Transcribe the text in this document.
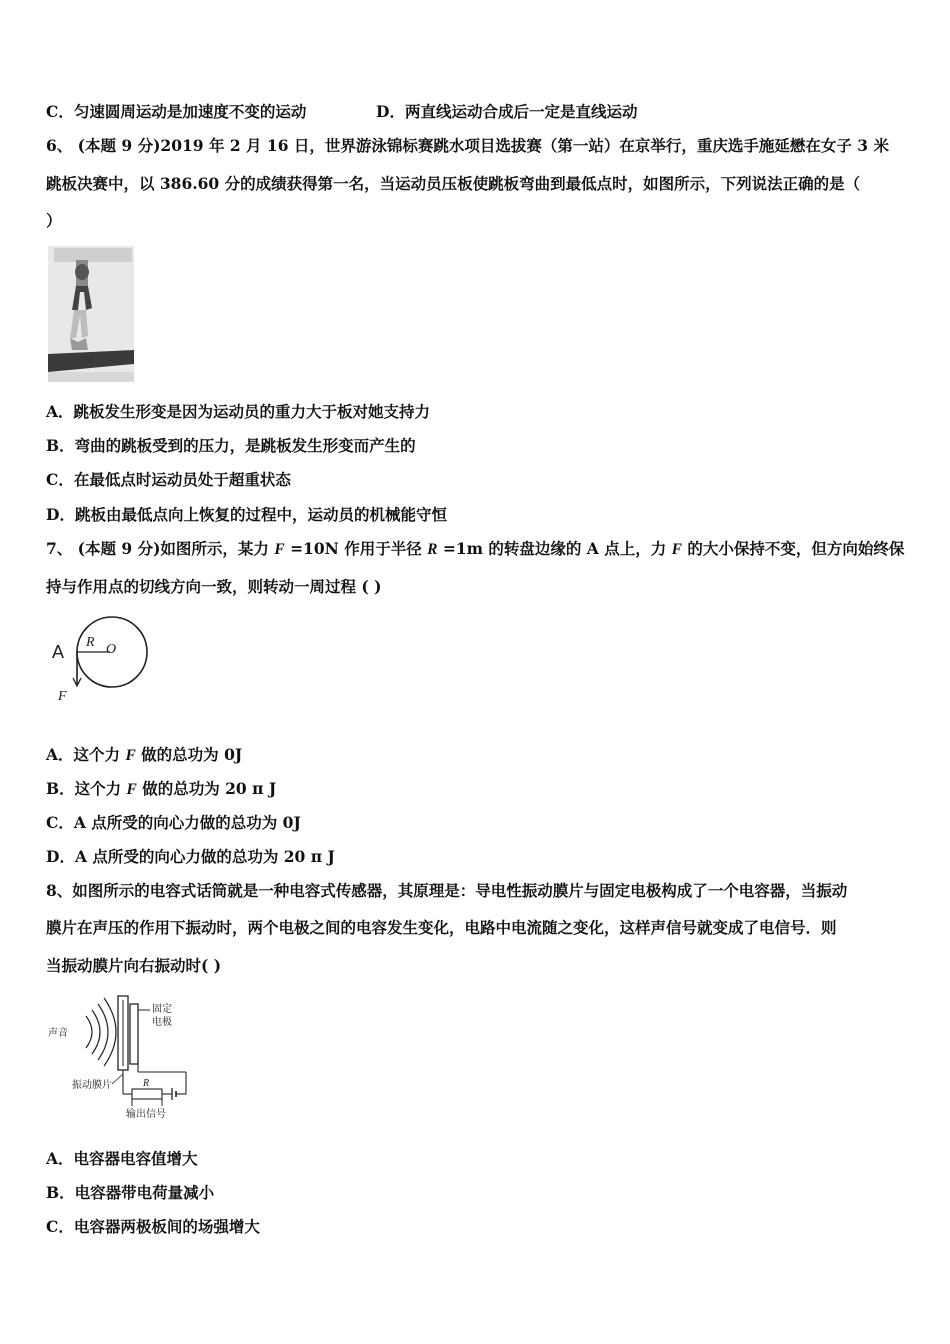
C．匀速圆周运动是加速度不变的运动	D．两直线运动合成后一定是直线运动
6、 (本题 9 分)2019 年 2 月 16 日，世界游泳锦标赛跳水项目选拔赛（第一站）在京举行，重庆选手施延懋在女子 3 米
跳板决赛中，以 386.60 分的成绩获得第一名，当运动员压板使跳板弯曲到最低点时，如图所示，下列说法正确的是（
）
A．跳板发生形变是因为运动员的重力大于板对她支持力
B．弯曲的跳板受到的压力，是跳板发生形变而产生的
C．在最低点时运动员处于超重状态
D．跳板由最低点向上恢复的过程中，运动员的机械能守恒
7、 (本题 9 分)如图所示，某力 F =10N 作用于半径 R =1m 的转盘边缘的 A 点上，力 F 的大小保持不变，但方向始终保
持与作用点的切线方向一致，则转动一周过程 ( )
A R O
F
A．这个力 F 做的总功为 0J
B．这个力 F 做的总功为 20 π J
C．A 点所受的向心力做的总功为 0J
D．A 点所受的向心力做的总功为 20 π J
8、如图所示的电容式话筒就是一种电容式传感器，其原理是：导电性振动膜片与固定电极构成了一个电容器，当振动
膜片在声压的作用下振动时，两个电极之间的电容发生变化，电路中电流随之变化，这样声信号就变成了电信号．则
当振动膜片向右振动时( )
声音
固定
电极
R
振动膜片
输出信号
A．电容器电容值增大
B．电容器带电荷量减小
C．电容器两极板间的场强增大
